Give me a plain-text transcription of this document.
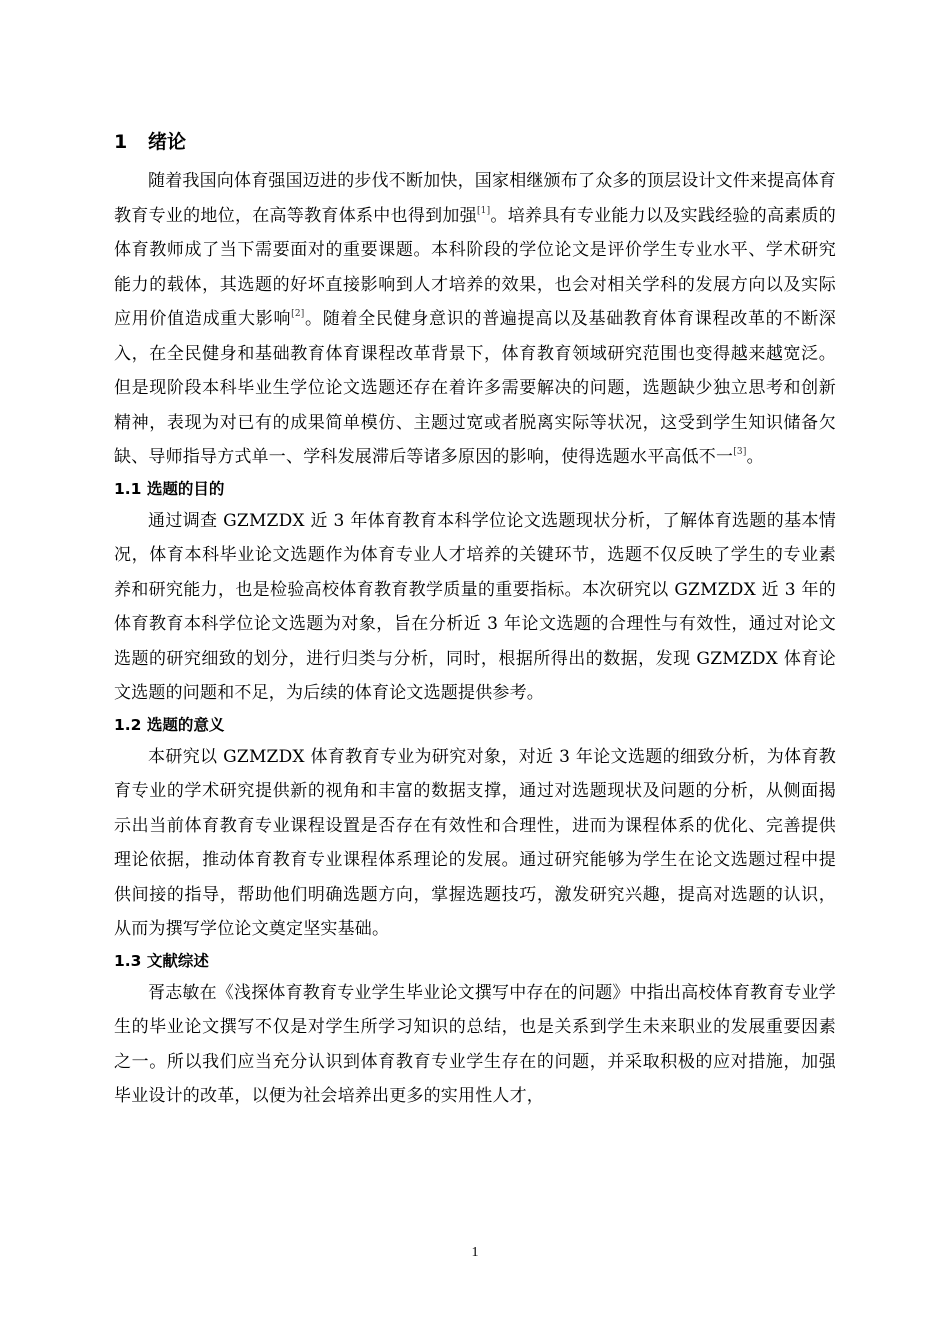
1 绪论

随着我国向体育强国迈进的步伐不断加快，国家相继颁布了众多的顶层设计文件来提高体育教育专业的地位，在高等教育体系中也得到加强[1]。培养具有专业能力以及实践经验的高素质的体育教师成了当下需要面对的重要课题。本科阶段的学位论文是评价学生专业水平、学术研究能力的载体，其选题的好坏直接影响到人才培养的效果，也会对相关学科的发展方向以及实际应用价值造成重大影响[2]。随着全民健身意识的普遍提高以及基础教育体育课程改革的不断深入，在全民健身和基础教育体育课程改革背景下，体育教育领域研究范围也变得越来越宽泛。但是现阶段本科毕业生学位论文选题还存在着许多需要解决的问题，选题缺少独立思考和创新精神，表现为对已有的成果简单模仿、主题过宽或者脱离实际等状况，这受到学生知识储备欠缺、导师指导方式单一、学科发展滞后等诸多原因的影响，使得选题水平高低不一[3]。

1.1 选题的目的

通过调查 GZMZDX 近 3 年体育教育本科学位论文选题现状分析，了解体育选题的基本情况，体育本科毕业论文选题作为体育专业人才培养的关键环节，选题不仅反映了学生的专业素养和研究能力，也是检验高校体育教育教学质量的重要指标。本次研究以 GZMZDX 近 3 年的体育教育本科学位论文选题为对象，旨在分析近 3 年论文选题的合理性与有效性，通过对论文选题的研究细致的划分，进行归类与分析，同时，根据所得出的数据，发现 GZMZDX 体育论文选题的问题和不足，为后续的体育论文选题提供参考。

1.2 选题的意义

本研究以 GZMZDX 体育教育专业为研究对象，对近 3 年论文选题的细致分析，为体育教育专业的学术研究提供新的视角和丰富的数据支撑，通过对选题现状及问题的分析，从侧面揭示出当前体育教育专业课程设置是否存在有效性和合理性，进而为课程体系的优化、完善提供理论依据，推动体育教育专业课程体系理论的发展。通过研究能够为学生在论文选题过程中提供间接的指导，帮助他们明确选题方向，掌握选题技巧，激发研究兴趣，提高对选题的认识，从而为撰写学位论文奠定坚实基础。

1.3 文献综述

胥志敏在《浅探体育教育专业学生毕业论文撰写中存在的问题》中指出高校体育教育专业学生的毕业论文撰写不仅是对学生所学习知识的总结，也是关系到学生未来职业的发展重要因素之一。所以我们应当充分认识到体育教育专业学生存在的问题，并采取积极的应对措施，加强毕业设计的改革，以便为社会培养出更多的实用性人才，

1
